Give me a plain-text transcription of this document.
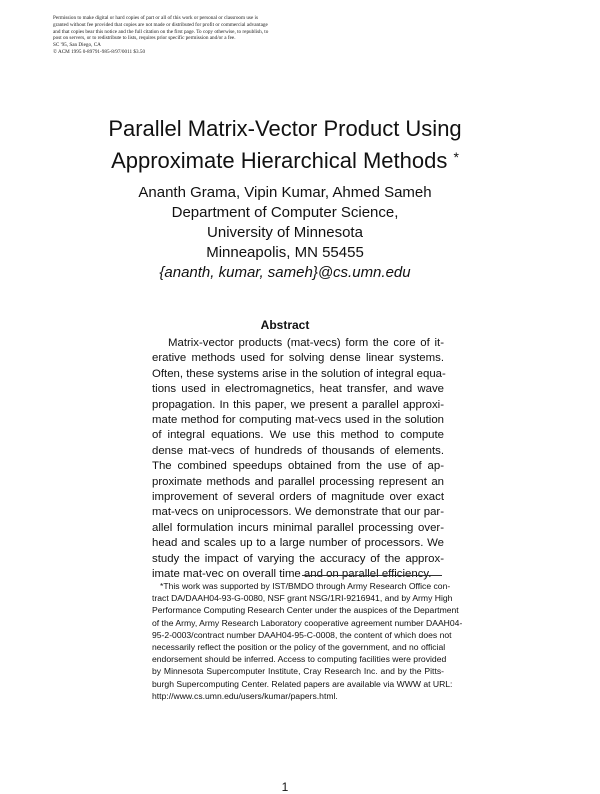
Permission to make digital or hard copies of part or all of this work or personal or classroom use is
granted without fee provided that copies are not made or distributed for profit or commercial advantage
and that copies bear this notice and the full citation on the first page. To copy otherwise, to republish, to
post on servers, or to redistribute to lists, requires prior specific permission and/or a fee.
SC '95, San Diego, CA
© ACM 1995 0-89791-985-8/97/0011 $3.50
Parallel Matrix-Vector Product Using
Approximate Hierarchical Methods *
Ananth Grama, Vipin Kumar, Ahmed Sameh
Department of Computer Science,
University of Minnesota
Minneapolis, MN 55455
{ananth, kumar, sameh}@cs.umn.edu
Abstract
Matrix-vector products (mat-vecs) form the core of it-
erative methods used for solving dense linear systems.
Often, these systems arise in the solution of integral equa-
tions used in electromagnetics, heat transfer, and wave
propagation. In this paper, we present a parallel approxi-
mate method for computing mat-vecs used in the solution
of integral equations. We use this method to compute
dense mat-vecs of hundreds of thousands of elements.
The combined speedups obtained from the use of ap-
proximate methods and parallel processing represent an
improvement of several orders of magnitude over exact
mat-vecs on uniprocessors. We demonstrate that our par-
allel formulation incurs minimal parallel processing over-
head and scales up to a large number of processors. We
study the impact of varying the accuracy of the approx-
imate mat-vec on overall time and on parallel efficiency.
*This work was supported by IST/BMDO through Army Research Office con-
tract DA/DAAH04-93-G-0080, NSF grant NSG/1RI-9216941, and by Army High
Performance Computing Research Center under the auspices of the Department
of the Army, Army Research Laboratory cooperative agreement number DAAH04-
95-2-0003/contract number DAAH04-95-C-0008, the content of which does not
necessarily reflect the position or the policy of the government, and no official
endorsement should be inferred. Access to computing facilities were provided
by Minnesota Supercomputer Institute, Cray Research Inc. and by the Pitts-
burgh Supercomputing Center. Related papers are available via WWW at URL:
http://www.cs.umn.edu/users/kumar/papers.html.
1
